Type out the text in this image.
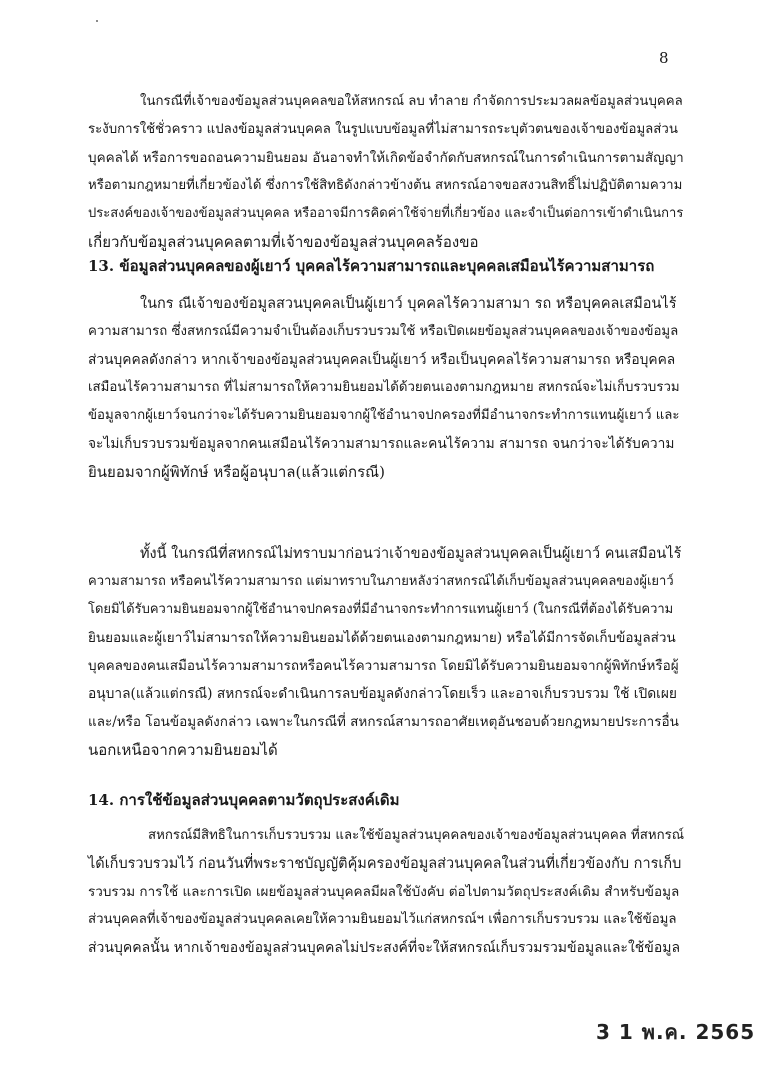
8

ในกรณีที่เจ้าของข้อมูลส่วนบุคคลขอให้สหกรณ์ ลบ ทำลาย กำจัดการประมวลผลข้อมูลส่วนบุคคล
ระงับการใช้ชั่วคราว แปลงข้อมูลส่วนบุคคล ในรูปแบบข้อมูลที่ไม่สามารถระบุตัวตนของเจ้าของข้อมูลส่วน
บุคคลได้ หรือการขอถอนความยินยอม อันอาจทำให้เกิดข้อจำกัดกับสหกรณ์ในการดำเนินการตามสัญญา
หรือตามกฎหมายที่เกี่ยวข้องได้ ซึ่งการใช้สิทธิดังกล่าวข้างต้น สหกรณ์อาจขอสงวนสิทธิ์ไม่ปฏิบัติตามความ
ประสงค์ของเจ้าของข้อมูลส่วนบุคคล หรืออาจมีการคิดค่าใช้จ่ายที่เกี่ยวข้อง และจำเป็นต่อการเข้าดำเนินการ
เกี่ยวกับข้อมูลส่วนบุคคลตามที่เจ้าของข้อมูลส่วนบุคคลร้องขอ

13. ข้อมูลส่วนบุคคลของผู้เยาว์ บุคคลไร้ความสามารถและบุคคลเสมือนไร้ความสามารถ

ในกร ณีเจ้าของข้อมูลสวนบุคคลเป็นผู้เยาว์ บุคคลไร้ความสามา รถ หรือบุคคลเสมือนไร้
ความสามารถ ซึ่งสหกรณ์มีความจำเป็นต้องเก็บรวบรวมใช้ หรือเปิดเผยข้อมูลส่วนบุคคลของเจ้าของข้อมูล
ส่วนบุคคลดังกล่าว หากเจ้าของข้อมูลส่วนบุคคลเป็นผู้เยาว์ หรือเป็นบุคคลไร้ความสามารถ หรือบุคคล
เสมือนไร้ความสามารถ ที่ไม่สามารถให้ความยินยอมได้ด้วยตนเองตามกฎหมาย สหกรณ์จะไม่เก็บรวบรวม
ข้อมูลจากผู้เยาว์จนกว่าจะได้รับความยินยอมจากผู้ใช้อำนาจปกครองที่มีอำนาจกระทำการแทนผู้เยาว์ และ
จะไม่เก็บรวบรวมข้อมูลจากคนเสมือนไร้ความสามารถและคนไร้ความ สามารถ จนกว่าจะได้รับความ
ยินยอมจากผู้พิทักษ์ หรือผู้อนุบาล(แล้วแต่กรณี)

ทั้งนี้ ในกรณีที่สหกรณ์ไม่ทราบมาก่อนว่าเจ้าของข้อมูลส่วนบุคคลเป็นผู้เยาว์ คนเสมือนไร้
ความสามารถ หรือคนไร้ความสามารถ แต่มาทราบในภายหลังว่าสหกรณ์ได้เก็บข้อมูลส่วนบุคคลของผู้เยาว์
โดยมิได้รับความยินยอมจากผู้ใช้อำนาจปกครองที่มีอำนาจกระทำการแทนผู้เยาว์ (ในกรณีที่ต้องได้รับความ
ยินยอมและผู้เยาว์ไม่สามารถให้ความยินยอมได้ด้วยตนเองตามกฎหมาย) หรือได้มีการจัดเก็บข้อมูลส่วน
บุคคลของคนเสมือนไร้ความสามารถหรือคนไร้ความสามารถ โดยมิได้รับความยินยอมจากผู้พิทักษ์หรือผู้
อนุบาล(แล้วแต่กรณี) สหกรณ์จะดำเนินการลบข้อมูลดังกล่าวโดยเร็ว และอาจเก็บรวบรวม ใช้ เปิดเผย
และ/หรือ โอนข้อมูลดังกล่าว เฉพาะในกรณีที่ สหกรณ์สามารถอาศัยเหตุอันชอบด้วยกฎหมายประการอื่น
นอกเหนือจากความยินยอมได้

14. การใช้ข้อมูลส่วนบุคคลตามวัตถุประสงค์เดิม

สหกรณ์มีสิทธิในการเก็บรวบรวม และใช้ข้อมูลส่วนบุคคลของเจ้าของข้อมูลส่วนบุคคล ที่สหกรณ์
ได้เก็บรวบรวมไว้ ก่อนวันที่พระราชบัญญัติคุ้มครองข้อมูลส่วนบุคคลในส่วนที่เกี่ยวข้องกับ การเก็บ
รวบรวม การใช้ และการเปิด เผยข้อมูลส่วนบุคคลมีผลใช้บังคับ ต่อไปตามวัตถุประสงค์เดิม สำหรับข้อมูล
ส่วนบุคคลที่เจ้าของข้อมูลส่วนบุคคลเคยให้ความยินยอมไว้แก่สหกรณ์ฯ เพื่อการเก็บรวบรวม และใช้ข้อมูล
ส่วนบุคคลนั้น หากเจ้าของข้อมูลส่วนบุคคลไม่ประสงค์ที่จะให้สหกรณ์เก็บรวมรวมข้อมูลและใช้ข้อมูล

3 1 พ.ค. 2565
